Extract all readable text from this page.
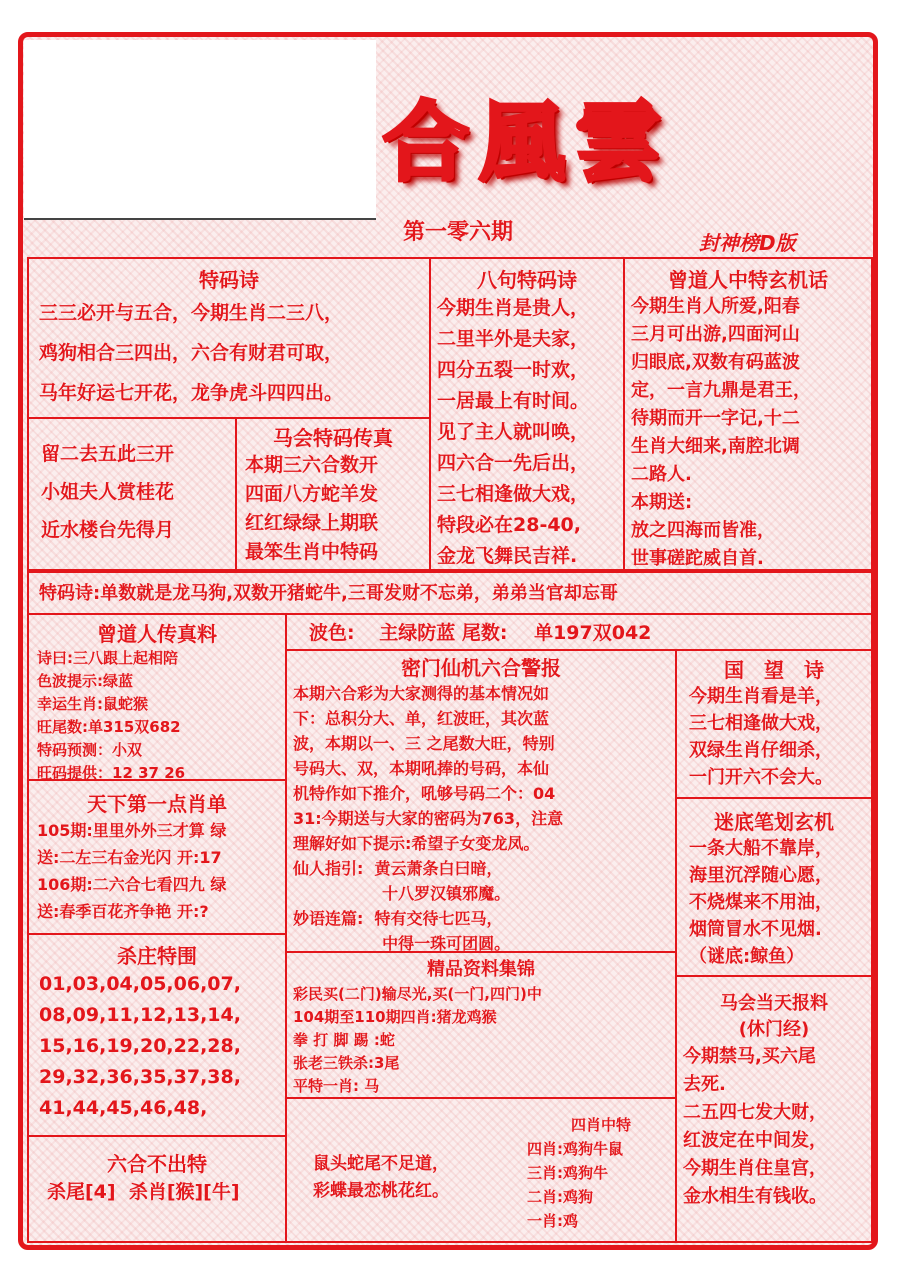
合風雲
第一零六期	封神榜D版
特码诗
三三必开与五合，今期生肖二三八，
鸡狗相合三四出，六合有财君可取，
马年好运七开花，龙争虎斗四四出。
留二去五此三开
小姐夫人赏桂花
近水楼台先得月
马会特码传真
本期三六合数开
四面八方蛇羊发
红红绿绿上期联
最笨生肖中特码
八句特码诗
今期生肖是贵人，
二里半外是夫家，
四分五裂一时欢，
一居最上有时间。
见了主人就叫唤，
四六合一先后出，
三七相逢做大戏，
特段必在28-40,
金龙飞舞民吉祥.
曾道人中特玄机话
今期生肖人所爱,阳春
三月可出游,四面河山
归眼底,双数有码蓝波
定，一言九鼎是君王，
待期而开一字记,十二
生肖大细来,南腔北调
二路人.
本期送:
放之四海而皆准，
世事磋跎威自首.
特码诗:单数就是龙马狗,双数开猪蛇牛,三哥发财不忘弟，弟弟当官却忘哥
曾道人传真料
诗曰:三八跟上起相陪
色波提示:绿蓝
幸运生肖:鼠蛇猴
旺尾数:单315双682
特码预测：小双
旺码提供：12 37 26
波色: 主绿防蓝 尾数: 单197双042
密门仙机六合警报
本期六合彩为大家测得的基本情况如
下：总积分大、单，红波旺，其次蓝
波，本期以一、三 之尾数大旺，特别
号码大、双，本期吼捧的号码，本仙
机特作如下推介，吼够号码二个：04
31:今期送与大家的密码为763，注意
理解好如下提示:希望子女变龙凤。
仙人指引:  黄云萧条白曰暗，
十八罗汉镇邪魔。
妙语连篇:  特有交待七匹马，
中得一珠可团圆。
国　望　诗
今期生肖看是羊，
三七相逢做大戏，
双绿生肖仔细杀，
一门开六不会大。
天下第一点肖单
105期:里里外外三才算 绿
送:二左三右金光闪 开:17
106期:二六合七看四九 绿
送:春季百花齐争艳 开:?
迷底笔划玄机
一条大船不靠岸，
海里沉浮随心愿，
不烧煤来不用油，
烟筒冒水不见烟.
（谜底:鲸鱼）
杀庄特围
01,03,04,05,06,07,
08,09,11,12,13,14,
15,16,19,20,22,28,
29,32,36,35,37,38,
41,44,45,46,48,
精品资料集锦
彩民买(二门)输尽光,买(一门,四门)中
104期至110期四肖:猪龙鸡猴
拳 打 脚 踢 :蛇
张老三铁杀:3尾
平特一肖: 马
马会当天报料
(休门经)
今期禁马,买六尾
去死.
二五四七发大财，
红波定在中间发，
今期生肖住皇宫，
金水相生有钱收。
六合不出特
杀尾[4]  杀肖[猴][牛]
鼠头蛇尾不足道，
彩蝶最恋桃花红。
四肖中特
四肖:鸡狗牛鼠
三肖:鸡狗牛
二肖:鸡狗
一肖:鸡
